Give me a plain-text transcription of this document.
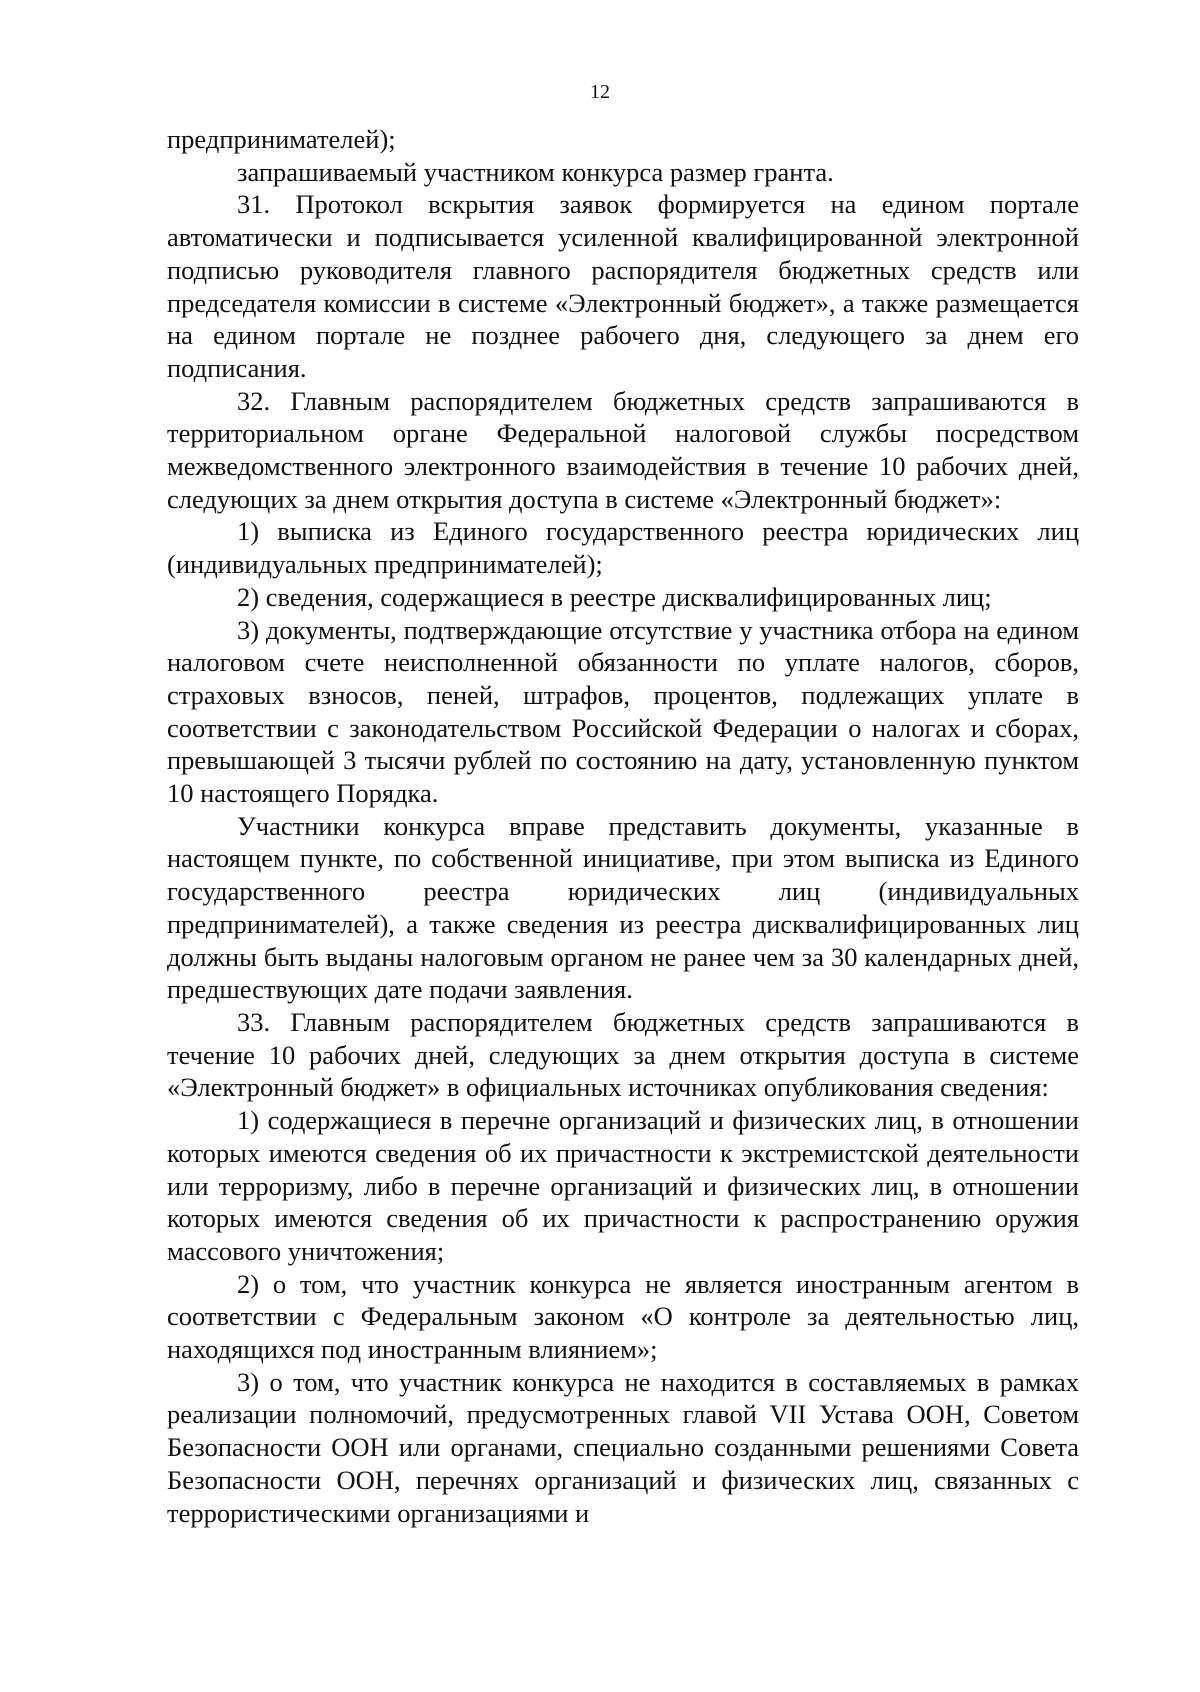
12

предпринимателей);

запрашиваемый участником конкурса размер гранта.

31. Протокол вскрытия заявок формируется на едином портале автоматически и подписывается усиленной квалифицированной электронной подписью руководителя главного распорядителя бюджетных средств или председателя комиссии в системе «Электронный бюджет», а также размещается на едином портале не позднее рабочего дня, следующего за днем его подписания.

32. Главным распорядителем бюджетных средств запрашиваются в территориальном органе Федеральной налоговой службы посредством межведомственного электронного взаимодействия в течение 10 рабочих дней, следующих за днем открытия доступа в системе «Электронный бюджет»:

1) выписка из Единого государственного реестра юридических лиц (индивидуальных предпринимателей);

2) сведения, содержащиеся в реестре дисквалифицированных лиц;

3) документы, подтверждающие отсутствие у участника отбора на едином налоговом счете неисполненной обязанности по уплате налогов, сборов, страховых взносов, пеней, штрафов, процентов, подлежащих уплате в соответствии с законодательством Российской Федерации о налогах и сборах, превышающей 3 тысячи рублей по состоянию на дату, установленную пунктом 10 настоящего Порядка.

Участники конкурса вправе представить документы, указанные в настоящем пункте, по собственной инициативе, при этом выписка из Единого государственного реестра юридических лиц (индивидуальных предпринимателей), а также сведения из реестра дисквалифицированных лиц должны быть выданы налоговым органом не ранее чем за 30 календарных дней, предшествующих дате подачи заявления.

33. Главным распорядителем бюджетных средств запрашиваются в течение 10 рабочих дней, следующих за днем открытия доступа в системе «Электронный бюджет» в официальных источниках опубликования сведения:

1) содержащиеся в перечне организаций и физических лиц, в отношении которых имеются сведения об их причастности к экстремистской деятельности или терроризму, либо в перечне организаций и физических лиц, в отношении которых имеются сведения об их причастности к распространению оружия массового уничтожения;

2) о том, что участник конкурса не является иностранным агентом в соответствии с Федеральным законом «О контроле за деятельностью лиц, находящихся под иностранным влиянием»;

3) о том, что участник конкурса не находится в составляемых в рамках реализации полномочий, предусмотренных главой VII Устава ООН, Советом Безопасности ООН или органами, специально созданными решениями Совета Безопасности ООН, перечнях организаций и физических лиц, связанных с террористическими организациями и
